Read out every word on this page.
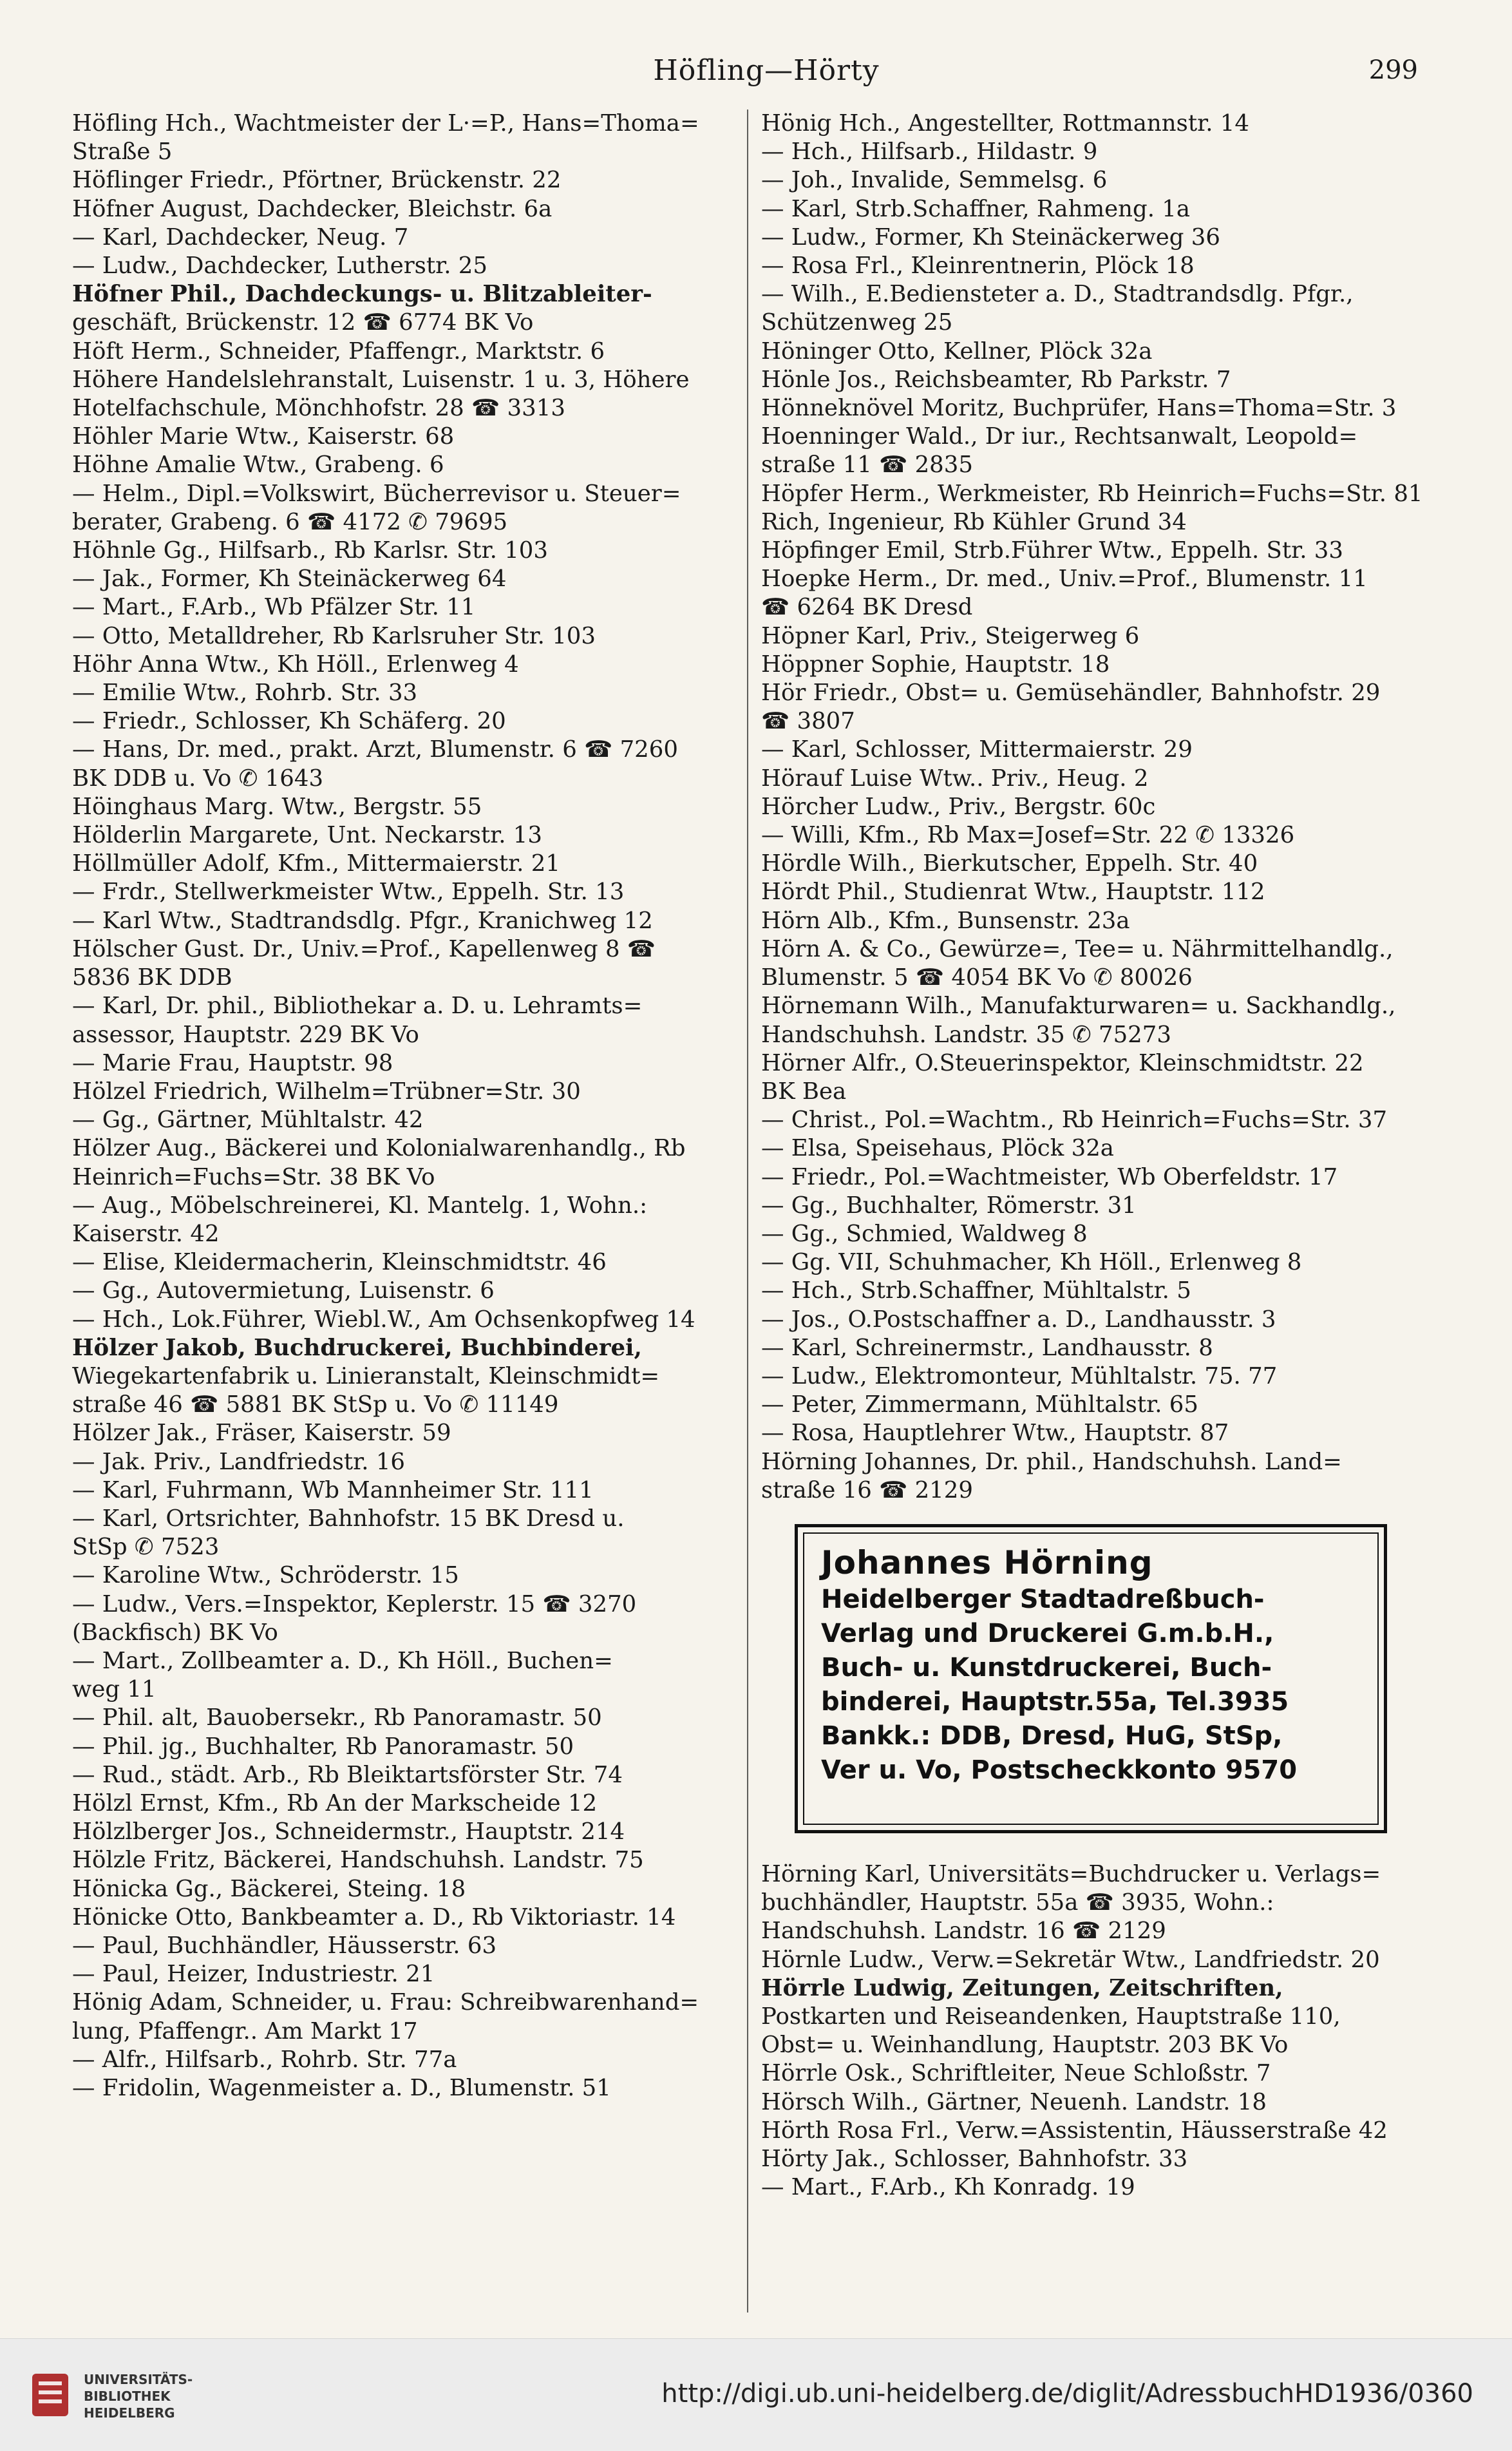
Höfling—Hörty	299
Höfling Hch., Wachtmeister der L·=P., Hans=Thoma=
Straße 5
Höflinger Friedr., Pförtner, Brückenstr. 22
Höfner August, Dachdecker, Bleichstr. 6a
— Karl, Dachdecker, Neug. 7
— Ludw., Dachdecker, Lutherstr. 25
Höfner Phil., Dachdeckungs- u. Blitzableiter-
geschäft, Brückenstr. 12 ☎ 6774 BK Vo
Höft Herm., Schneider, Pfaffengr., Marktstr. 6
Höhere Handelslehranstalt, Luisenstr. 1 u. 3, Höhere
Hotelfachschule, Mönchhofstr. 28 ☎ 3313
Höhler Marie Wtw., Kaiserstr. 68
Höhne Amalie Wtw., Grabeng. 6
— Helm., Dipl.=Volkswirt, Bücherrevisor u. Steuer=
berater, Grabeng. 6 ☎ 4172 ✆ 79695
Höhnle Gg., Hilfsarb., Rb Karlsr. Str. 103
— Jak., Former, Kh Steinäckerweg 64
— Mart., F.Arb., Wb Pfälzer Str. 11
— Otto, Metalldreher, Rb Karlsruher Str. 103
Höhr Anna Wtw., Kh Höll., Erlenweg 4
— Emilie Wtw., Rohrb. Str. 33
— Friedr., Schlosser, Kh Schäferg. 20
— Hans, Dr. med., prakt. Arzt, Blumenstr. 6 ☎ 7260
BK DDB u. Vo ✆ 1643
Höinghaus Marg. Wtw., Bergstr. 55
Hölderlin Margarete, Unt. Neckarstr. 13
Höllmüller Adolf, Kfm., Mittermaierstr. 21
— Frdr., Stellwerkmeister Wtw., Eppelh. Str. 13
— Karl Wtw., Stadtrandsdlg. Pfgr., Kranichweg 12
Hölscher Gust. Dr., Univ.=Prof., Kapellenweg 8 ☎
5836 BK DDB
— Karl, Dr. phil., Bibliothekar a. D. u. Lehramts=
assessor, Hauptstr. 229 BK Vo
— Marie Frau, Hauptstr. 98
Hölzel Friedrich, Wilhelm=Trübner=Str. 30
— Gg., Gärtner, Mühltalstr. 42
Hölzer Aug., Bäckerei und Kolonialwarenhandlg., Rb
Heinrich=Fuchs=Str. 38 BK Vo
— Aug., Möbelschreinerei, Kl. Mantelg. 1, Wohn.:
Kaiserstr. 42
— Elise, Kleidermacherin, Kleinschmidtstr. 46
— Gg., Autovermietung, Luisenstr. 6
— Hch., Lok.Führer, Wiebl.W., Am Ochsenkopfweg 14
Hölzer Jakob, Buchdruckerei, Buchbinderei,
Wiegekartenfabrik u. Linieranstalt, Kleinschmidt=
straße 46 ☎ 5881 BK StSp u. Vo ✆ 11149
Hölzer Jak., Fräser, Kaiserstr. 59
— Jak. Priv., Landfriedstr. 16
— Karl, Fuhrmann, Wb Mannheimer Str. 111
— Karl, Ortsrichter, Bahnhofstr. 15 BK Dresd u.
StSp ✆ 7523
— Karoline Wtw., Schröderstr. 15
— Ludw., Vers.=Inspektor, Keplerstr. 15 ☎ 3270
(Backfisch) BK Vo
— Mart., Zollbeamter a. D., Kh Höll., Buchen=
weg 11
— Phil. alt, Bauobersekr., Rb Panoramastr. 50
— Phil. jg., Buchhalter, Rb Panoramastr. 50
— Rud., städt. Arb., Rb Bleiktartsförster Str. 74
Hölzl Ernst, Kfm., Rb An der Markscheide 12
Hölzlberger Jos., Schneidermstr., Hauptstr. 214
Hölzle Fritz, Bäckerei, Handschuhsh. Landstr. 75
Hönicka Gg., Bäckerei, Steing. 18
Hönicke Otto, Bankbeamter a. D., Rb Viktoriastr. 14
— Paul, Buchhändler, Häusserstr. 63
— Paul, Heizer, Industriestr. 21
Hönig Adam, Schneider, u. Frau: Schreibwarenhand=
lung, Pfaffengr.. Am Markt 17
— Alfr., Hilfsarb., Rohrb. Str. 77a
— Fridolin, Wagenmeister a. D., Blumenstr. 51
Hönig Hch., Angestellter, Rottmannstr. 14
— Hch., Hilfsarb., Hildastr. 9
— Joh., Invalide, Semmelsg. 6
— Karl, Strb.Schaffner, Rahmeng. 1a
— Ludw., Former, Kh Steinäckerweg 36
— Rosa Frl., Kleinrentnerin, Plöck 18
— Wilh., E.Bediensteter a. D., Stadtrandsdlg. Pfgr.,
Schützenweg 25
Höninger Otto, Kellner, Plöck 32a
Hönle Jos., Reichsbeamter, Rb Parkstr. 7
Hönneknövel Moritz, Buchprüfer, Hans=Thoma=Str. 3
Hoenninger Wald., Dr iur., Rechtsanwalt, Leopold=
straße 11 ☎ 2835
Höpfer Herm., Werkmeister, Rb Heinrich=Fuchs=Str. 81
Rich, Ingenieur, Rb Kühler Grund 34
Höpfinger Emil, Strb.Führer Wtw., Eppelh. Str. 33
Hoepke Herm., Dr. med., Univ.=Prof., Blumenstr. 11
☎ 6264 BK Dresd
Höpner Karl, Priv., Steigerweg 6
Höppner Sophie, Hauptstr. 18
Hör Friedr., Obst= u. Gemüsehändler, Bahnhofstr. 29
☎ 3807
— Karl, Schlosser, Mittermaierstr. 29
Hörauf Luise Wtw.. Priv., Heug. 2
Hörcher Ludw., Priv., Bergstr. 60c
— Willi, Kfm., Rb Max=Josef=Str. 22 ✆ 13326
Hördle Wilh., Bierkutscher, Eppelh. Str. 40
Hördt Phil., Studienrat Wtw., Hauptstr. 112
Hörn Alb., Kfm., Bunsenstr. 23a
Hörn A. & Co., Gewürze=, Tee= u. Nährmittelhandlg.,
Blumenstr. 5 ☎ 4054 BK Vo ✆ 80026
Hörnemann Wilh., Manufakturwaren= u. Sackhandlg.,
Handschuhsh. Landstr. 35 ✆ 75273
Hörner Alfr., O.Steuerinspektor, Kleinschmidtstr. 22
BK Bea
— Christ., Pol.=Wachtm., Rb Heinrich=Fuchs=Str. 37
— Elsa, Speisehaus, Plöck 32a
— Friedr., Pol.=Wachtmeister, Wb Oberfeldstr. 17
— Gg., Buchhalter, Römerstr. 31
— Gg., Schmied, Waldweg 8
— Gg. VII, Schuhmacher, Kh Höll., Erlenweg 8
— Hch., Strb.Schaffner, Mühltalstr. 5
— Jos., O.Postschaffner a. D., Landhausstr. 3
— Karl, Schreinermstr., Landhausstr. 8
— Ludw., Elektromonteur, Mühltalstr. 75. 77
— Peter, Zimmermann, Mühltalstr. 65
— Rosa, Hauptlehrer Wtw., Hauptstr. 87
Hörning Johannes, Dr. phil., Handschuhsh. Land=
straße 16 ☎ 2129
Johannes Hörning
Heidelberger Stadtadreßbuch-
Verlag und Druckerei G.m.b.H.,
Buch- u. Kunstdruckerei, Buch-
binderei, Hauptstr.55a, Tel.3935
Bankk.: DDB, Dresd, HuG, StSp,
Ver u. Vo, Postscheckkonto 9570
Hörning Karl, Universitäts=Buchdrucker u. Verlags=
buchhändler, Hauptstr. 55a ☎ 3935, Wohn.:
Handschuhsh. Landstr. 16 ☎ 2129
Hörnle Ludw., Verw.=Sekretär Wtw., Landfriedstr. 20
Hörrle Ludwig, Zeitungen, Zeitschriften,
Postkarten und Reiseandenken, Hauptstraße 110,
Obst= u. Weinhandlung, Hauptstr. 203 BK Vo
Hörrle Osk., Schriftleiter, Neue Schloßstr. 7
Hörsch Wilh., Gärtner, Neuenh. Landstr. 18
Hörth Rosa Frl., Verw.=Assistentin, Häusserstraße 42
Hörty Jak., Schlosser, Bahnhofstr. 33
— Mart., F.Arb., Kh Konradg. 19
UNIVERSITÄTS-
BIBLIOTHEK
HEIDELBERG
http://digi.ub.uni-heidelberg.de/diglit/AdressbuchHD1936/0360
